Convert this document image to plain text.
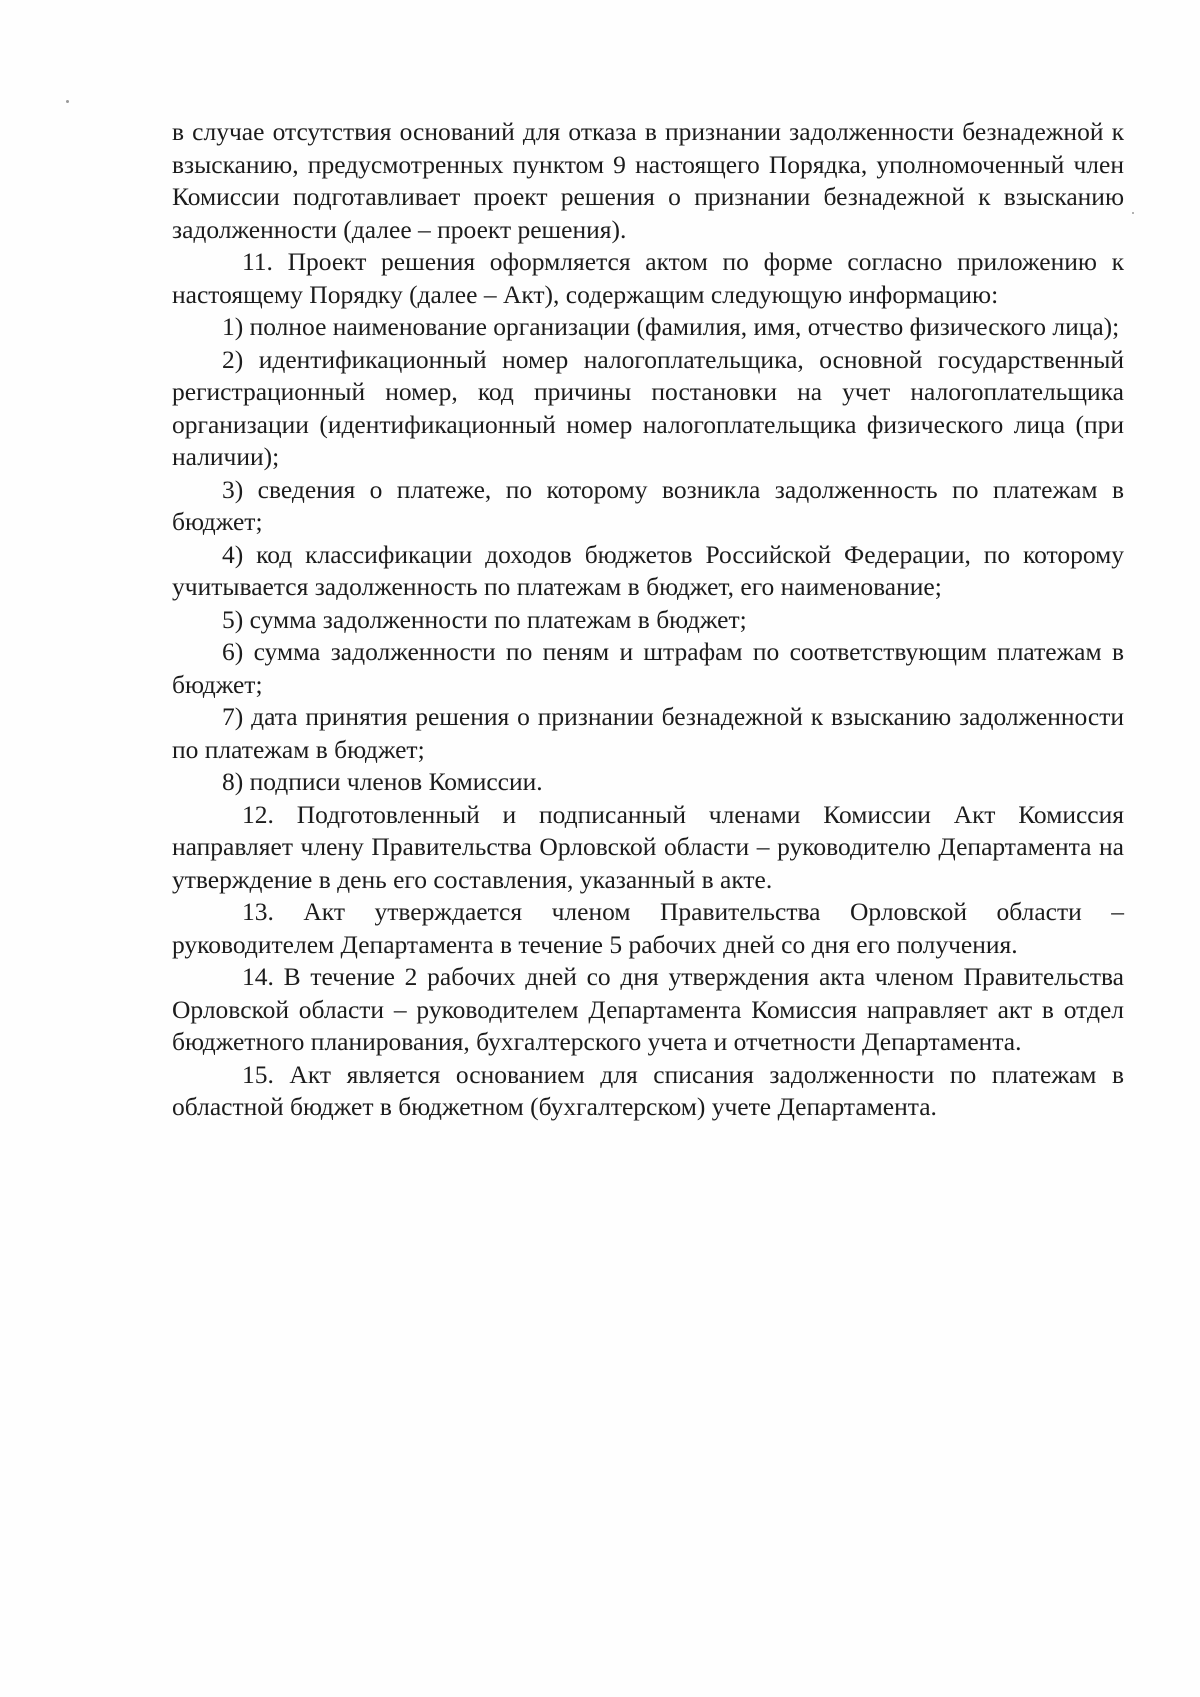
в случае отсутствия оснований для отказа в признании задолженности безнадежной к взысканию, предусмотренных пунктом 9 настоящего Порядка, уполномоченный член Комиссии подготавливает проект решения о признании безнадежной к взысканию задолженности (далее – проект решения).

11. Проект решения оформляется актом по форме согласно приложению к настоящему Порядку (далее – Акт), содержащим следующую информацию:

1) полное наименование организации (фамилия, имя, отчество физического лица);

2) идентификационный номер налогоплательщика, основной государственный регистрационный номер, код причины постановки на учет налогоплательщика организации (идентификационный номер налогоплательщика физического лица (при наличии);

3) сведения о платеже, по которому возникла задолженность по платежам в бюджет;

4) код классификации доходов бюджетов Российской Федерации, по которому учитывается задолженность по платежам в бюджет, его наименование;

5) сумма задолженности по платежам в бюджет;

6) сумма задолженности по пеням и штрафам по соответствующим платежам в бюджет;

7) дата принятия решения о признании безнадежной к взысканию задолженности по платежам в бюджет;

8) подписи членов Комиссии.

12. Подготовленный и подписанный членами Комиссии Акт Комиссия направляет члену Правительства Орловской области – руководителю Департамента на утверждение в день его составления, указанный в акте.

13. Акт утверждается членом Правительства Орловской области – руководителем Департамента в течение 5 рабочих дней со дня его получения.

14. В течение 2 рабочих дней со дня утверждения акта членом Правительства Орловской области – руководителем Департамента Комиссия направляет акт в отдел бюджетного планирования, бухгалтерского учета и отчетности Департамента.

15. Акт является основанием для списания задолженности по платежам в областной бюджет в бюджетном (бухгалтерском) учете Департамента.
